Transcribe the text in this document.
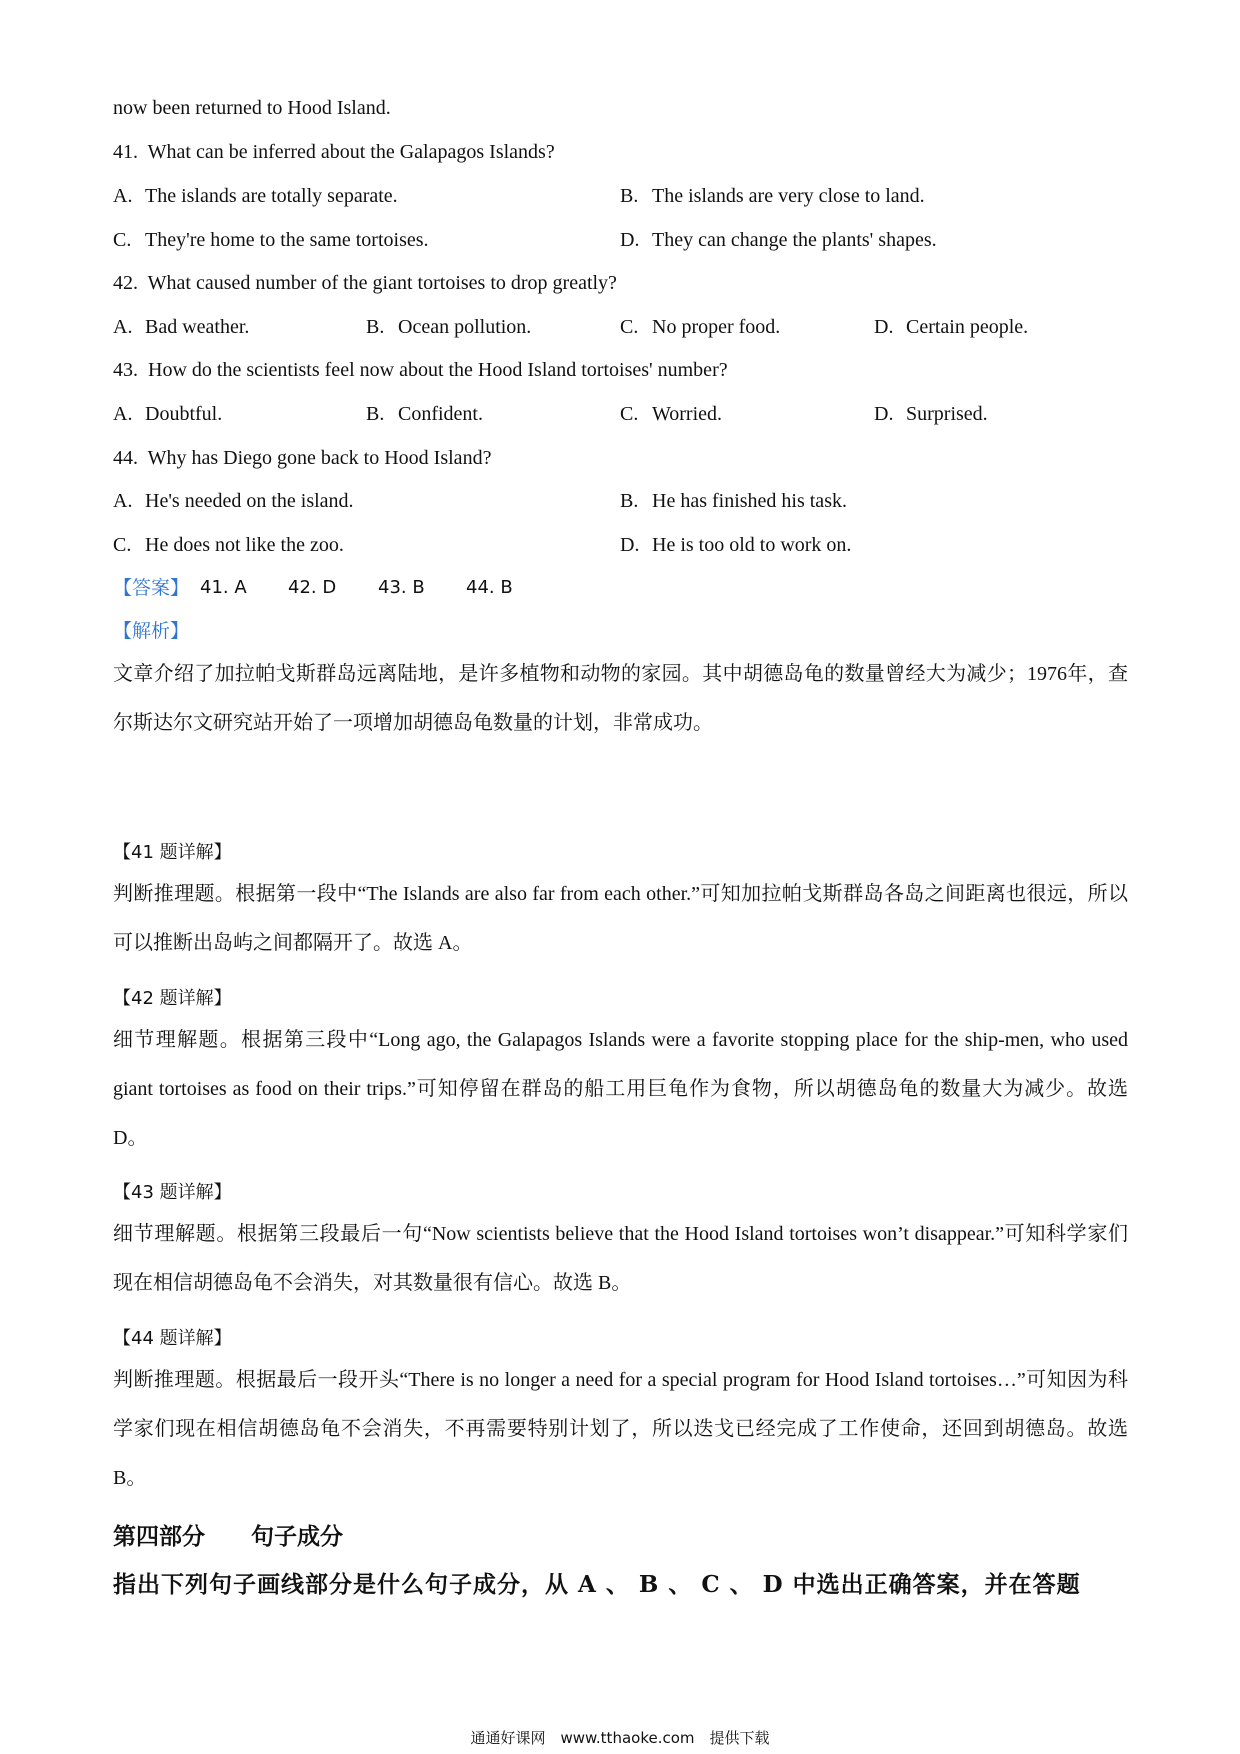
now been returned to Hood Island.
41. What can be inferred about the Galapagos Islands?
A. The islands are totally separate.	B. The islands are very close to land.
C. They're home to the same tortoises.	D. They can change the plants' shapes.
42. What caused number of the giant tortoises to drop greatly?
A. Bad weather.	B. Ocean pollution.	C. No proper food.	D. Certain people.
43. How do the scientists feel now about the Hood Island tortoises' number?
A. Doubtful.	B. Confident.	C. Worried.	D. Surprised.
44. Why has Diego gone back to Hood Island?
A. He's needed on the island.	B. He has finished his task.
C. He does not like the zoo.	D. He is too old to work on.
【答案】 41. A 42. D 43. B 44. B
【解析】
文章介绍了加拉帕戈斯群岛远离陆地，是许多植物和动物的家园。其中胡德岛龟的数量曾经大为减少；1976年，查尔斯达尔文研究站开始了一项增加胡德岛龟数量的计划，非常成功。
【41 题详解】
判断推理题。根据第一段中“The Islands are also far from each other.”可知加拉帕戈斯群岛各岛之间距离也很远，所以可以推断出岛屿之间都隔开了。故选 A。
【42 题详解】
细节理解题。根据第三段中“Long ago, the Galapagos Islands were a favorite stopping place for the ship-men, who used giant tortoises as food on their trips.”可知停留在群岛的船工用巨龟作为食物，所以胡德岛龟的数量大为减少。故选 D。
【43 题详解】
细节理解题。根据第三段最后一句“Now scientists believe that the Hood Island tortoises won’t disappear.”可知科学家们现在相信胡德岛龟不会消失，对其数量很有信心。故选 B。
【44 题详解】
判断推理题。根据最后一段开头“There is no longer a need for a special program for Hood Island tortoises…”可知因为科学家们现在相信胡德岛龟不会消失，不再需要特别计划了，所以迭戈已经完成了工作使命，还回到胡德岛。故选 B。
第四部分　　句子成分
指出下列句子画线部分是什么句子成分，从 A 、 B 、 C 、 D 中选出正确答案，并在答题
通通好课网　www.tthaoke.com　提供下载
